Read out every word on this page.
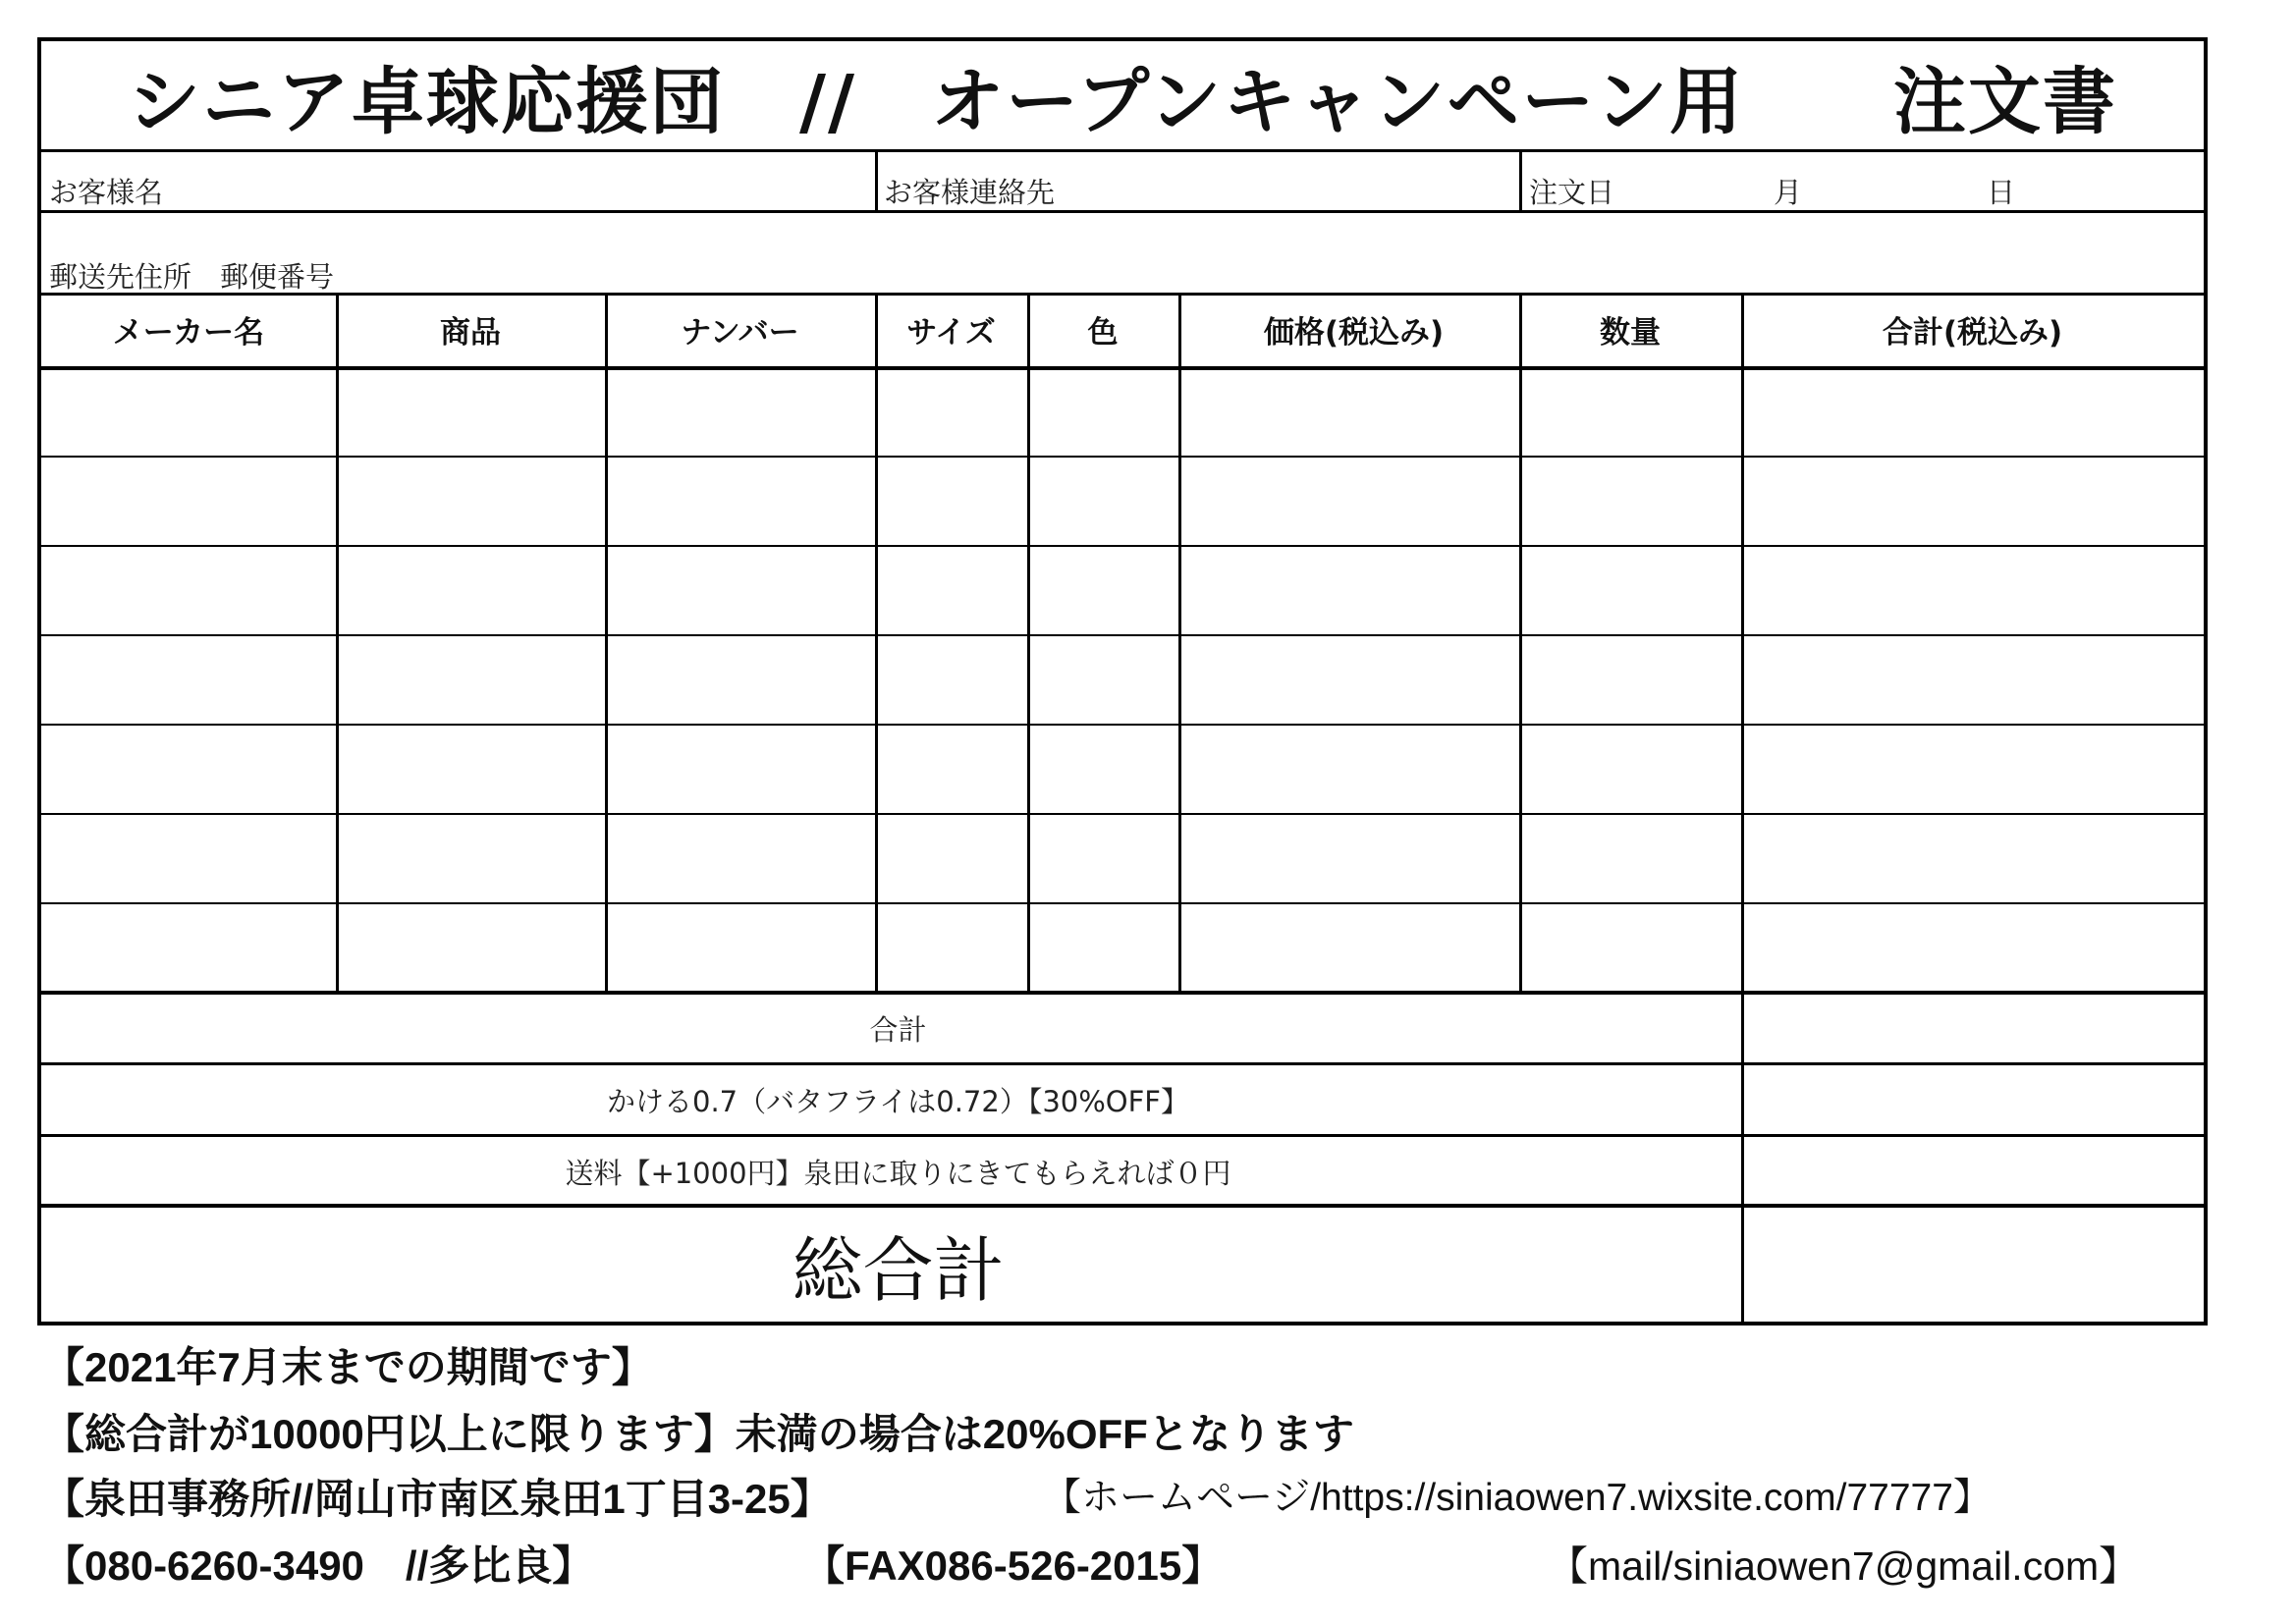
シニア卓球応援団　//　オープンキャンペーン用　　注文書
お客様名	お客様連絡先	注文日	月	日
郵送先住所　郵便番号
メーカー名	商品	ナンバー	サイズ	色	価格(税込み)	数量	合計(税込み)
合計
かける0.7（バタフライは0.72）【30%OFF】
送料【+1000円】泉田に取りにきてもらえれば０円
総合計
【2021年7月末までの期間です】
【総合計が10000円以上に限ります】未満の場合は20%OFFとなります
【泉田事務所//岡山市南区泉田1丁目3-25】	【ホームページ/https://siniaowen7.wixsite.com/77777】
【080-6260-3490　//多比良】	【FAX086-526-2015】	【mail/siniaowen7@gmail.com】
